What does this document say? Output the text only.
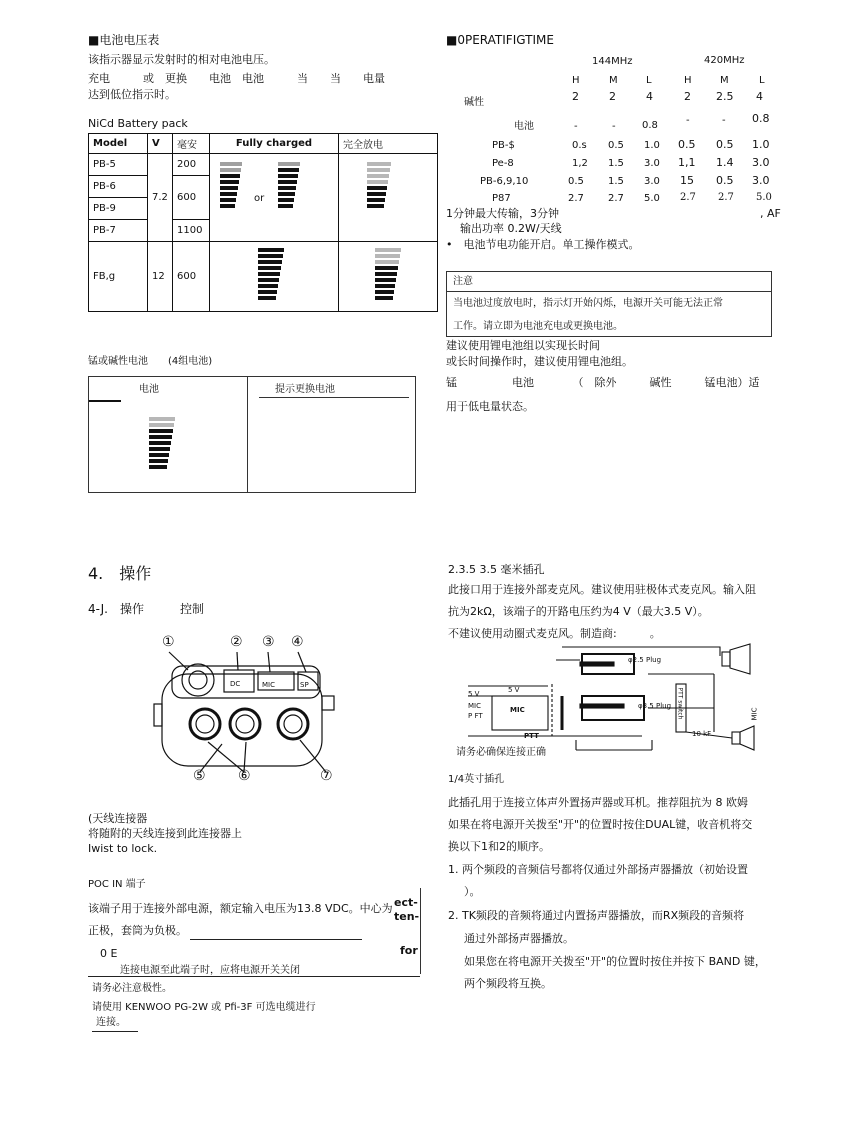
■电池电压表
该指示器显示发射时的相对电池电压。
充电　　　或　更换　　电池　电池　　　当　　当　　电量
达到低位指示时。
NiCd Battery pack
Model	V	毫安	Fully charged	完全放电
PB-5	7.2	200	or	

PB-6		600		
PB-9				
PB-7		1100		
FB,g	12	600	

锰或碱性电池　　(4组电池)
电池	提示更换电池
■0PERATIFIGTIME
144MHz	420MHz
H	M	L	H	M	L
碱性	2	2	4	2 2.5 4
电池	-	-	0.8	-	- 0.8
PB-$	0.s 0.5 1.0 0.5 0.5 1.0
Pe-8	1,2 1.5 3.0 1,1 1.4 3.0
PB-6,9,10	0.5 1.5 3.0 15 0.5 3.0
P87	2.7 2.7 5.0 2.7 2.7 5.0
1分钟最大传输，3分钟	, AF
输出功率 0.2W/天线
•　电池节电功能开启。单工操作模式。
注意
当电池过度放电时，指示灯开始闪烁，电源开关可能无法正常
工作。请立即为电池充电或更换电池。
建议使用锂电池组以实现长时间
或长时间操作时，建议使用锂电池组。
锰　　　　　电池　　　　（　除外　　　碱性　　　锰电池）适
用于低电量状态。
4.　操作
4-J.　操作　　　控制
①	② ③ ④
⑤ ⑥	⑦
DC	MIC	SP
(天线连接器
将随附的天线连接到此连接器上
Iwist to lock.
POC IN 端子
该端子用于连接外部电源，额定输入电压为13.8 VDC。中心为
正极，套筒为负极。
ect-
ten-
for
0 E
连接电源至此端子时，应将电源开关关闭
请务必注意极性。
请使用 KENWOO PG-2W 或 Pfi-3F 可选电缆进行
连接。
2.3.5 3.5 毫米插孔
此接口用于连接外部麦克风。建议使用驻极体式麦克风。输入阻
抗为2kΩ，该端子的开路电压约为4 V（最大3.5 V）。
不建议使用动圈式麦克风。制造商:　　　。
φ2.5 Plug
φ3.5 Plug
5 V	5 V
MIC
P FT
MIC
PTT	10 kF
MIC
PTT switch
请务必确保连接正确
1/4英寸插孔
此插孔用于连接立体声外置扬声器或耳机。推荐阻抗为 8 欧姆
如果在将电源开关拨至"开"的位置时按住DUAL键，收音机将交
换以下1和2的顺序。
1. 两个频段的音频信号都将仅通过外部扬声器播放（初始设置
）。
2. TK频段的音频将通过内置扬声器播放，而RX频段的音频将
通过外部扬声器播放。
如果您在将电源开关拨至"开"的位置时按住并按下 BAND 键，
两个频段将互换。
